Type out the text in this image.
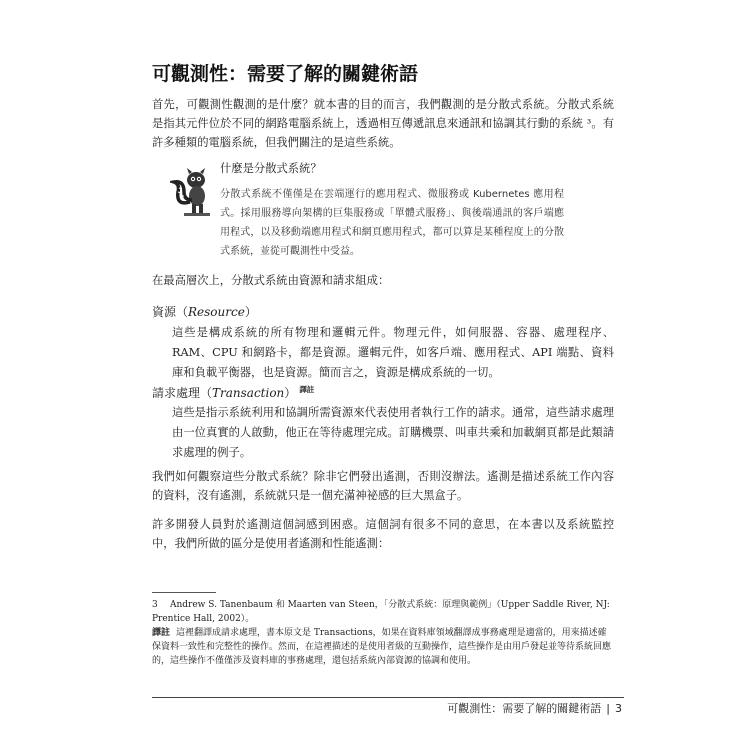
可觀測性：需要了解的關鍵術語

首先，可觀測性觀測的是什麼？就本書的目的而言，我們觀測的是分散式系統。分散式系統是指其元件位於不同的網路電腦系統上，透過相互傳遞訊息來通訊和協調其行動的系統 ³。有許多種類的電腦系統，但我們關注的是這些系統。

什麼是分散式系統？

分散式系統不僅僅是在雲端運行的應用程式、微服務或 Kubernetes 應用程式。採用服務導向架構的巨集服務或「單體式服務」、與後端通訊的客戶端應用程式，以及移動端應用程式和網頁應用程式，都可以算是某種程度上的分散式系統，並從可觀測性中受益。

在最高層次上，分散式系統由資源和請求組成：

資源（Resource）

這些是構成系統的所有物理和邏輯元件。物理元件，如伺服器、容器、處理程序、RAM、CPU 和網路卡，都是資源。邏輯元件，如客戶端、應用程式、API 端點、資料庫和負載平衡器，也是資源。簡而言之，資源是構成系統的一切。

請求處理（Transaction） $^{譯註}$

這些是指示系統利用和協調所需資源來代表使用者執行工作的請求。通常，這些請求處理由一位真實的人啟動，他正在等待處理完成。訂購機票、叫車共乘和加載網頁都是此類請求處理的例子。

我們如何觀察這些分散式系統？除非它們發出遙測，否則沒辦法。遙測是描述系統工作內容的資料，沒有遙測，系統就只是一個充滿神祕感的巨大黑盒子。

許多開發人員對於遙測這個詞感到困惑。這個詞有很多不同的意思，在本書以及系統監控中，我們所做的區分是使用者遙測和性能遙測：

3 Andrew S. Tanenbaum 和 Maarten van Steen，「分散式系統：原理與範例」（Upper Saddle River, NJ: Prentice Hall, 2002）。

譯註 這裡翻譯成請求處理，書本原文是 Transactions，如果在資料庫領域翻譯成事務處理是適當的，用來描述確保資料一致性和完整性的操作。然而，在這裡描述的是使用者級的互動操作，這些操作是由用戶發起並等待系統回應的，這些操作不僅僅涉及資料庫的事務處理，還包括系統內部資源的協調和使用。

可觀測性：需要了解的關鍵術語 | 3
